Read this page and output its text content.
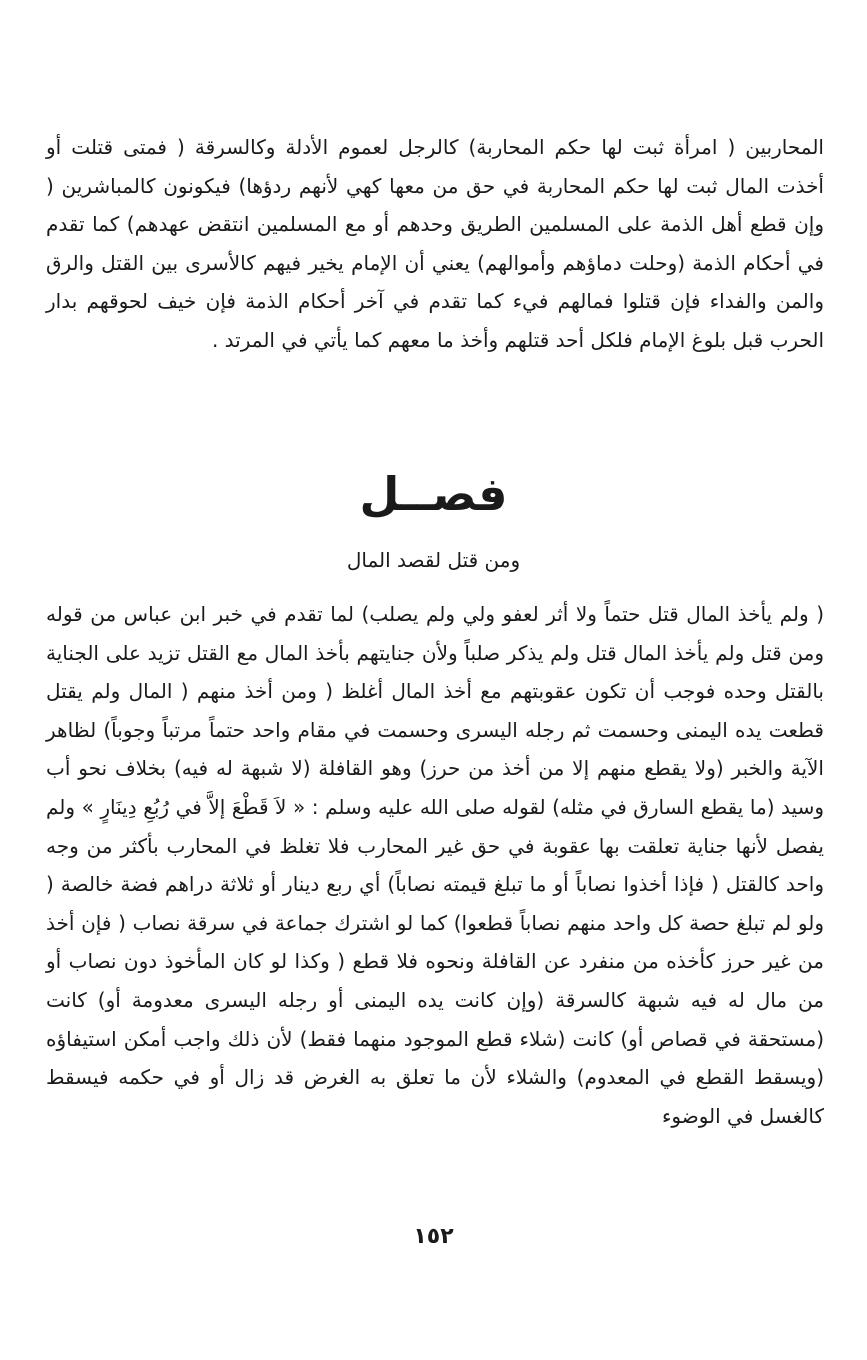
المحاربين ( امرأة ثبت لها حكم المحاربة) كالرجل لعموم الأدلة وكالسرقة ( فمتى قتلت أو أخذت المال ثبت لها حكم المحاربة في حق من معها كهي لأنهم ردؤها) فيكونون كالمباشرين ( وإن قطع أهل الذمة على المسلمين الطريق وحدهم أو مع المسلمين انتقض عهدهم) كما تقدم في أحكام الذمة (وحلت دماؤهم وأموالهم) يعني أن الإمام يخير فيهم كالأسرى بين القتل والرق والمن والفداء فإن قتلوا فمالهم فيء كما تقدم في آخر أحكام الذمة فإن خيف لحوقهم بدار الحرب قبل بلوغ الإمام فلكل أحد قتلهم وأخذ ما معهم كما يأتي في المرتد .

فصــل

ومن قتل لقصد المال

( ولم يأخذ المال قتل حتماً ولا أثر لعفو ولي ولم يصلب) لما تقدم في خبر ابن عباس من قوله ومن قتل ولم يأخذ المال قتل ولم يذكر صلباً ولأن جنايتهم بأخذ المال مع القتل تزيد على الجناية بالقتل وحده فوجب أن تكون عقوبتهم مع أخذ المال أغلظ ( ومن أخذ منهم ( المال ولم يقتل قطعت يده اليمنى وحسمت ثم رجله اليسرى وحسمت في مقام واحد حتماً مرتباً وجوباً) لظاهر الآية والخبر (ولا يقطع منهم إلا من أخذ من حرز) وهو القافلة (لا شبهة له فيه) بخلاف نحو أب وسيد (ما يقطع السارق في مثله) لقوله صلى الله عليه وسلم : « لاَ قَطْعَ إلاَّ في رُبُعِ دِينَارٍ » ولم يفصل لأنها جناية تعلقت بها عقوبة في حق غير المحارب فلا تغلظ في المحارب بأكثر من وجه واحد كالقتل ( فإذا أخذوا نصاباً أو ما تبلغ قيمته نصاباً) أي ربع دينار أو ثلاثة دراهم فضة خالصة ( ولو لم تبلغ حصة كل واحد منهم نصاباً قطعوا) كما لو اشترك جماعة في سرقة نصاب ( فإن أخذ من غير حرز كأخذه من منفرد عن القافلة ونحوه فلا قطع ( وكذا لو كان المأخوذ دون نصاب أو من مال له فيه شبهة كالسرقة (وإن كانت يده اليمنى أو رجله اليسرى معدومة أو) كانت (مستحقة في قصاص أو) كانت (شلاء قطع الموجود منهما فقط) لأن ذلك واجب أمكن استيفاؤه (ويسقط القطع في المعدوم) والشلاء لأن ما تعلق به الغرض قد زال أو في حكمه فيسقط كالغسل في الوضوء

١٥٢
